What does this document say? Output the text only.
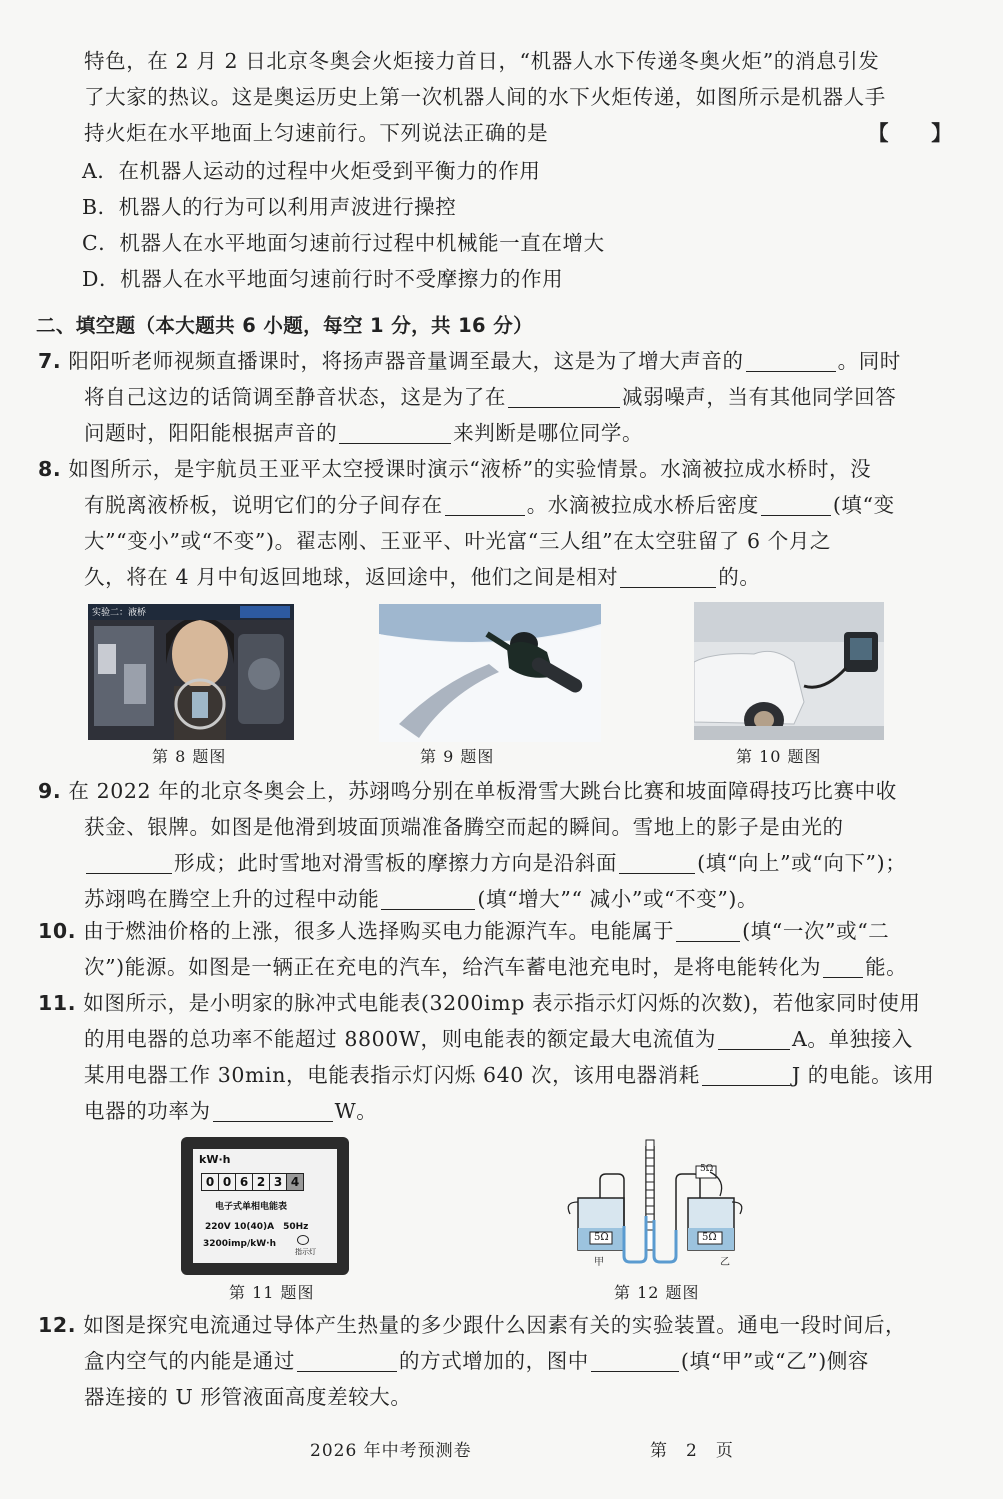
特色，在 2 月 2 日北京冬奥会火炬接力首日，“机器人水下传递冬奥火炬”的消息引发
了大家的热议。这是奥运历史上第一次机器人间的水下火炬传递，如图所示是机器人手
持火炬在水平地面上匀速前行。下列说法正确的是	【　　】
A．在机器人运动的过程中火炬受到平衡力的作用
B．机器人的行为可以利用声波进行操控
C．机器人在水平地面匀速前行过程中机械能一直在增大
D．机器人在水平地面匀速前行时不受摩擦力的作用
二、填空题（本大题共 6 小题，每空 1 分，共 16 分）
7. 阳阳听老师视频直播课时，将扬声器音量调至最大，这是为了增大声音的	。同时
将自己这边的话筒调至静音状态，这是为了在	减弱噪声，当有其他同学回答
问题时，阳阳能根据声音的	来判断是哪位同学。
8. 如图所示，是宇航员王亚平太空授课时演示“液桥”的实验情景。水滴被拉成水桥时，没
有脱离液桥板，说明它们的分子间存在	。水滴被拉成水桥后密度	(填“变
大”“变小”或“不变”)。翟志刚、王亚平、叶光富“三人组”在太空驻留了 6 个月之
久，将在 4 月中旬返回地球，返回途中，他们之间是相对	的。
实验二：液桥
第 8 题图	第 9 题图	第 10 题图
9. 在 2022 年的北京冬奥会上，苏翊鸣分别在单板滑雪大跳台比赛和坡面障碍技巧比赛中收
获金、银牌。如图是他滑到坡面顶端准备腾空而起的瞬间。雪地上的影子是由光的
形成；此时雪地对滑雪板的摩擦力方向是沿斜面	(填“向上”或“向下”)；
苏翊鸣在腾空上升的过程中动能	(填“增大”“ 减小”或“不变”)。
10. 由于燃油价格的上涨，很多人选择购买电力能源汽车。电能属于	(填“一次”或“二
次”)能源。如图是一辆正在充电的汽车，给汽车蓄电池充电时，是将电能转化为 能。
11. 如图所示，是小明家的脉冲式电能表(3200imp 表示指示灯闪烁的次数)，若他家同时使用
的用电器的总功率不能超过 8800W，则电能表的额定最大电流值为	A。单独接入
某用电器工作 30min，电能表指示灯闪烁 640 次，该用电器消耗	J 的电能。该用
电器的功率为	W。
kW·h
0 0 6 2 3 4
电子式单相电能表
220V 10(40)A　50Hz
3200imp/kW·h
指示灯
第 11 题图
5Ω	5Ω
5Ω
甲	乙
第 12 题图
12. 如图是探究电流通过导体产生热量的多少跟什么因素有关的实验装置。通电一段时间后，
盒内空气的内能是通过	的方式增加的，图中	(填“甲”或“乙”)侧容
器连接的 U 形管液面高度差较大。
2026 年中考预测卷	第　2　页
